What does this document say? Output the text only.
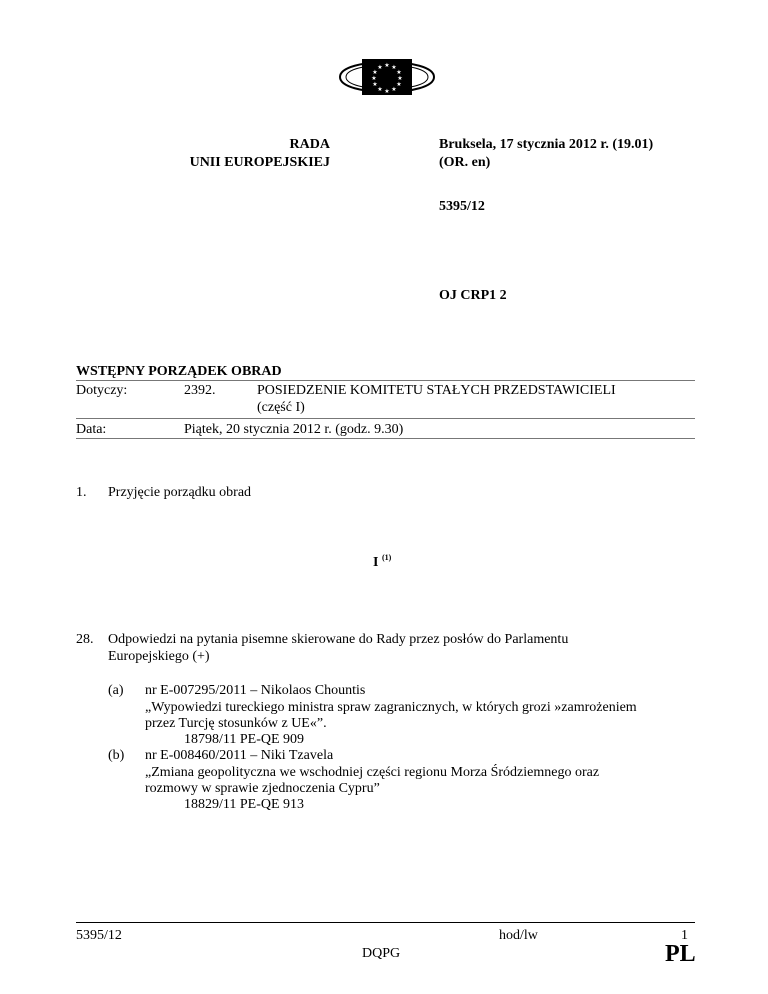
★ ★
★
★
★
★
★
★
★
★
★
★
RADA
UNII EUROPEJSKIEJ
Bruksela, 17 stycznia 2012 r. (19.01)
(OR. en)
5395/12
OJ CRP1 2
WSTĘPNY PORZĄDEK OBRAD
Dotyczy:	2392.	POSIEDZENIE KOMITETU STAŁYCH PRZEDSTAWICIELI
(część I)
Data:	Piątek, 20 stycznia 2012 r. (godz. 9.30)
1. Przyjęcie porządku obrad
I $^{(1)}$
28. Odpowiedzi na pytania pisemne skierowane do Rady przez posłów do Parlamentu
Europejskiego (+)
(a) nr E-007295/2011 – Nikolaos Chountis
„Wypowiedzi tureckiego ministra spraw zagranicznych, w których grozi »zamrożeniem
przez Turcję stosunków z UE«”.
18798/11 PE-QE 909
(b) nr E-008460/2011 – Niki Tzavela
„Zmiana geopolityczna we wschodniej części regionu Morza Śródziemnego oraz
rozmowy w sprawie zjednoczenia Cypru”
18829/11 PE-QE 913
5395/12	hod/lw	1
DQPG	PL
